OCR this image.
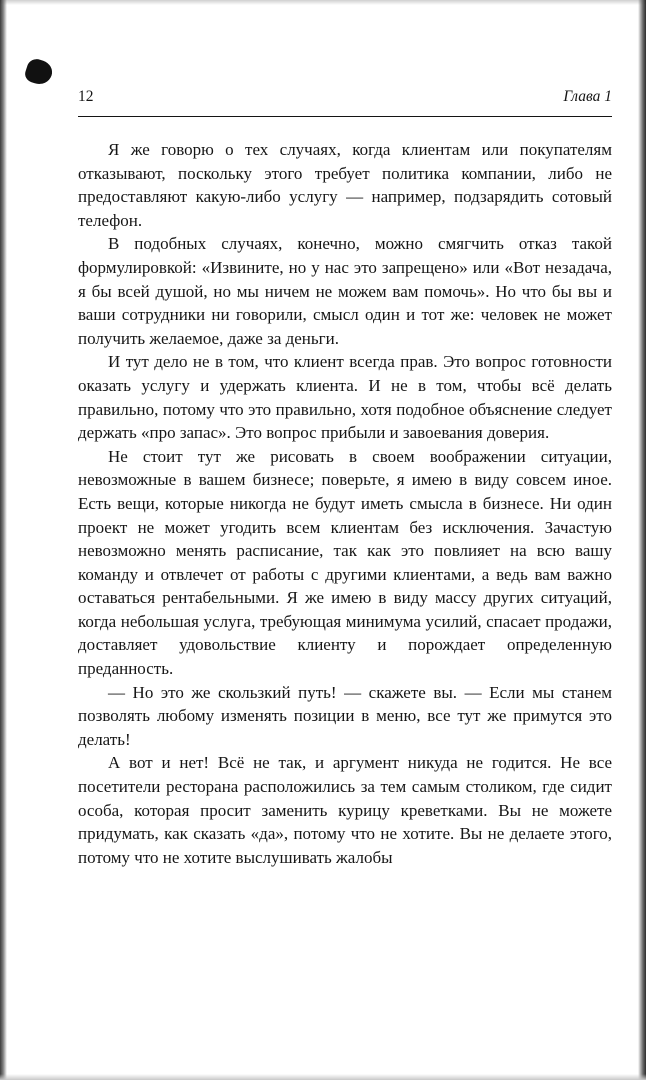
12	Глава 1

Я же говорю о тех случаях, когда клиентам или покупателям отказывают, поскольку этого требует политика компании, либо не предоставляют какую-либо услугу — например, подзарядить сотовый телефон.

В подобных случаях, конечно, можно смягчить отказ такой формулировкой: «Извините, но у нас это запрещено» или «Вот незадача, я бы всей душой, но мы ничем не можем вам помочь». Но что бы вы и ваши сотрудники ни говорили, смысл один и тот же: человек не может получить желаемое, даже за деньги.

И тут дело не в том, что клиент всегда прав. Это вопрос готовности оказать услугу и удержать клиента. И не в том, чтобы всё делать правильно, потому что это правильно, хотя подобное объяснение следует держать «про запас». Это вопрос прибыли и завоевания доверия.

Не стоит тут же рисовать в своем воображении ситуации, невозможные в вашем бизнесе; поверьте, я имею в виду совсем иное. Есть вещи, которые никогда не будут иметь смысла в бизнесе. Ни один проект не может угодить всем клиентам без исключения. Зачастую невозможно менять расписание, так как это повлияет на всю вашу команду и отвлечет от работы с другими клиентами, а ведь вам важно оставаться рентабельными. Я же имею в виду массу других ситуаций, когда небольшая услуга, требующая минимума усилий, спасает продажи, доставляет удовольствие клиенту и порождает определенную преданность.

— Но это же скользкий путь! — скажете вы. — Если мы станем позволять любому изменять позиции в меню, все тут же примутся это делать!

А вот и нет! Всё не так, и аргумент никуда не годится. Не все посетители ресторана расположились за тем самым столиком, где сидит особа, которая просит заменить курицу креветками. Вы не можете придумать, как сказать «да», потому что не хотите. Вы не делаете этого, потому что не хотите выслушивать жалобы
